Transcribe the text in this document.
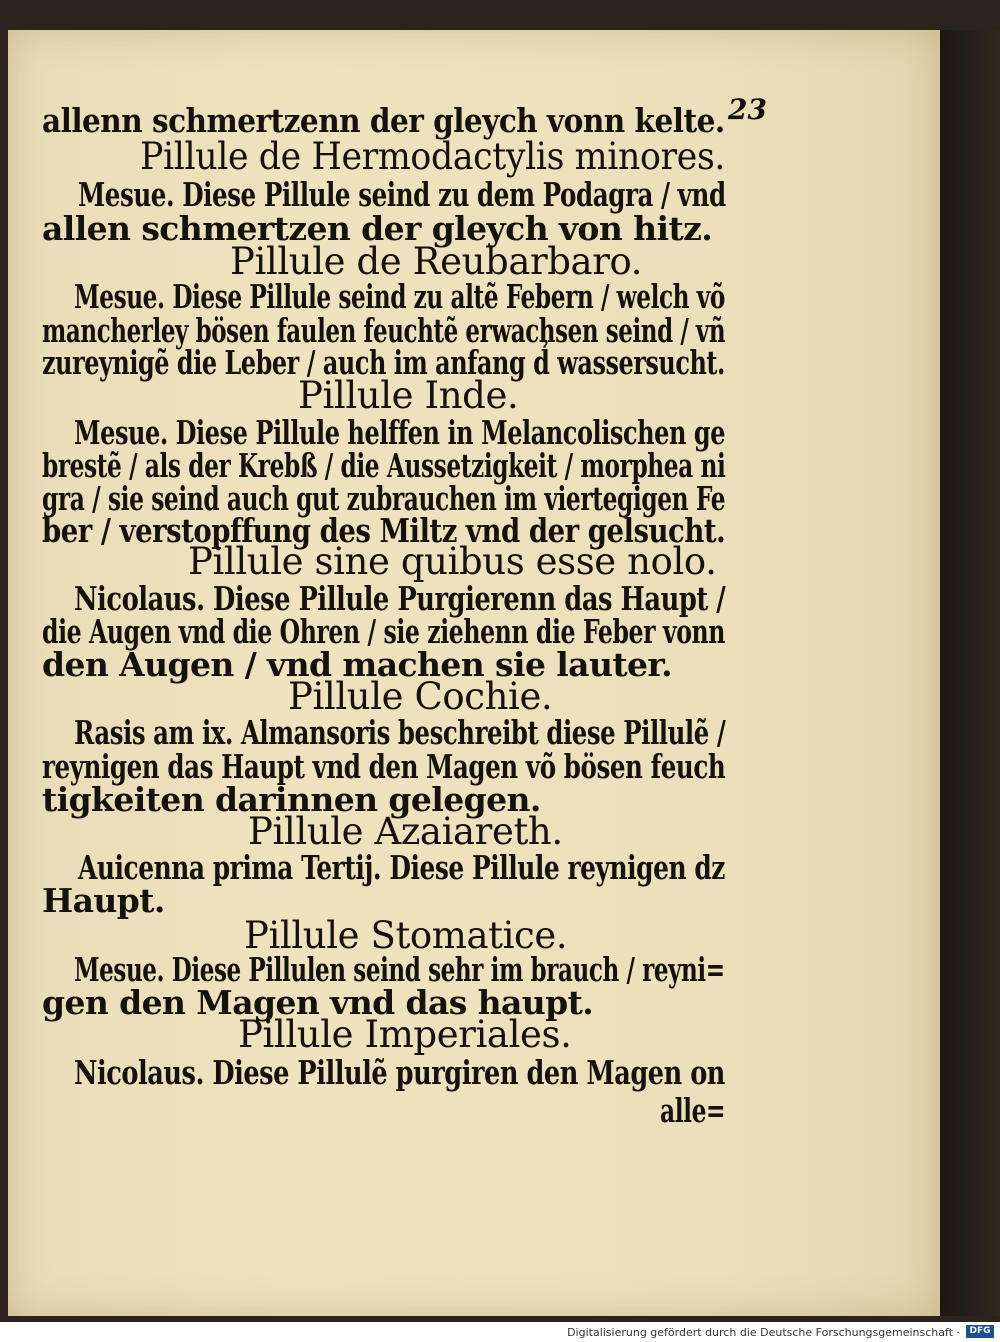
23
allenn schmertzenn der gleych vonn kelte.
Pillule de Hermodactylis minores.
Mesue. Diese Pillule seind zu dem Podagra / vnd
allen schmertzen der gleych von hitz.
Pillule de Reubarbaro.
Mesue. Diese Pillule seind zu altẽ Febern / welch võ
mancherley bösen faulen feuchtẽ erwachsen seind / vñ
zureynigẽ die Leber / auch im anfang d̉ wassersucht.
Pillule Inde.
Mesue. Diese Pillule helffen in Melancolischen ge
brestẽ / als der Krebß / die Aussetzigkeit / morphea ni
gra / sie seind auch gut zubrauchen im viertegigen Fe
ber / verstopffung des Miltz vnd der gelsucht.
Pillule sine quibus esse nolo.
Nicolaus. Diese Pillule Purgierenn das Haupt /
die Augen vnd die Ohren / sie ziehenn die Feber vonn
den Augen / vnd machen sie lauter.
Pillule Cochie.
Rasis am ix. Almansoris beschreibt diese Pillulẽ /
reynigen das Haupt vnd den Magen võ bösen feuch
tigkeiten darinnen gelegen.
Pillule Azaiareth.
Auicenna prima Tertij. Diese Pillule reynigen dz
Haupt.
Pillule Stomatice.
Mesue. Diese Pillulen seind sehr im brauch / reyni=
gen den Magen vnd das haupt.
Pillule Imperiales.
Nicolaus. Diese Pillulẽ purgiren den Magen on
alle=
Digitalisierung gefördert durch die Deutsche Forschungsgemeinschaft ·	DFG
